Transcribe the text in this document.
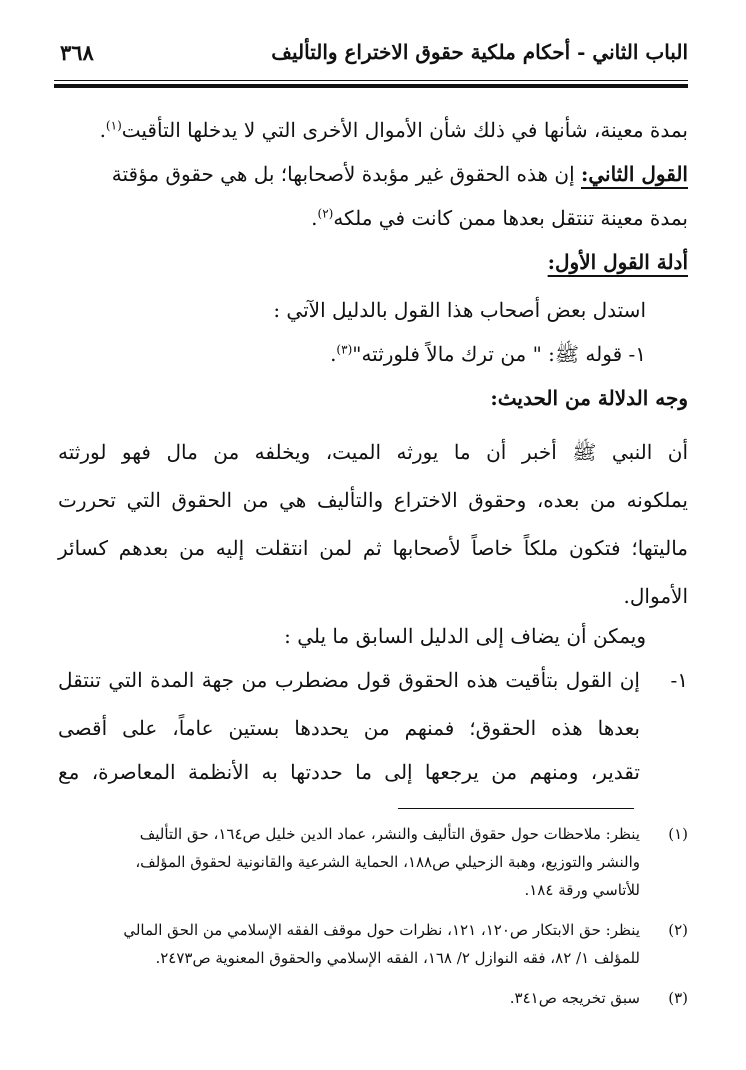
الباب الثاني - أحكام ملكية حقوق الاختراع والتأليف
٣٦٨
بمدة معينة، شأنها في ذلك شأن الأموال الأخرى التي لا يدخلها التأقيت$^{(١)}$.
القول الثاني: إن هذه الحقوق غير مؤبدة لأصحابها؛ بل هي حقوق مؤقتة
بمدة معينة تنتقل بعدها ممن كانت في ملكه$^{(٢)}$.
أدلة القول الأول:
استدل بعض أصحاب هذا القول بالدليل الآتي :
١- قوله ﷺ: " من ترك مالاً فلورثته"$^{(٣)}$.
وجه الدلالة من الحديث:
أن النبي ﷺ أخبر أن ما يورثه الميت، ويخلفه من مال فهو لورثته
يملكونه من بعده، وحقوق الاختراع والتأليف هي من الحقوق التي تحررت
ماليتها؛ فتكون ملكاً خاصاً لأصحابها ثم لمن انتقلت إليه من بعدهم كسائر
الأموال.
ويمكن أن يضاف إلى الدليل السابق ما يلي :
١-
إن القول بتأقيت هذه الحقوق قول مضطرب من جهة المدة التي تنتقل
بعدها هذه الحقوق؛ فمنهم من يحددها بستين عاماً، على أقصى
تقدير، ومنهم من يرجعها إلى ما حددتها به الأنظمة المعاصرة، مع
(١)
ينظر: ملاحظات حول حقوق التأليف والنشر، عماد الدين خليل ص١٦٤، حق التأليف
والنشر والتوزيع، وهبة الزحيلي ص١٨٨، الحماية الشرعية والقانونية لحقوق المؤلف،
للأتاسي ورقة ١٨٤.
(٢)
ينظر: حق الابتكار ص١٢٠، ١٢١، نظرات حول موقف الفقه الإسلامي من الحق المالي
للمؤلف ١/ ٨٢، فقه النوازل ٢/ ١٦٨، الفقه الإسلامي والحقوق المعنوية ص٢٤٧٣.
(٣)
سبق تخريجه ص٣٤١.
